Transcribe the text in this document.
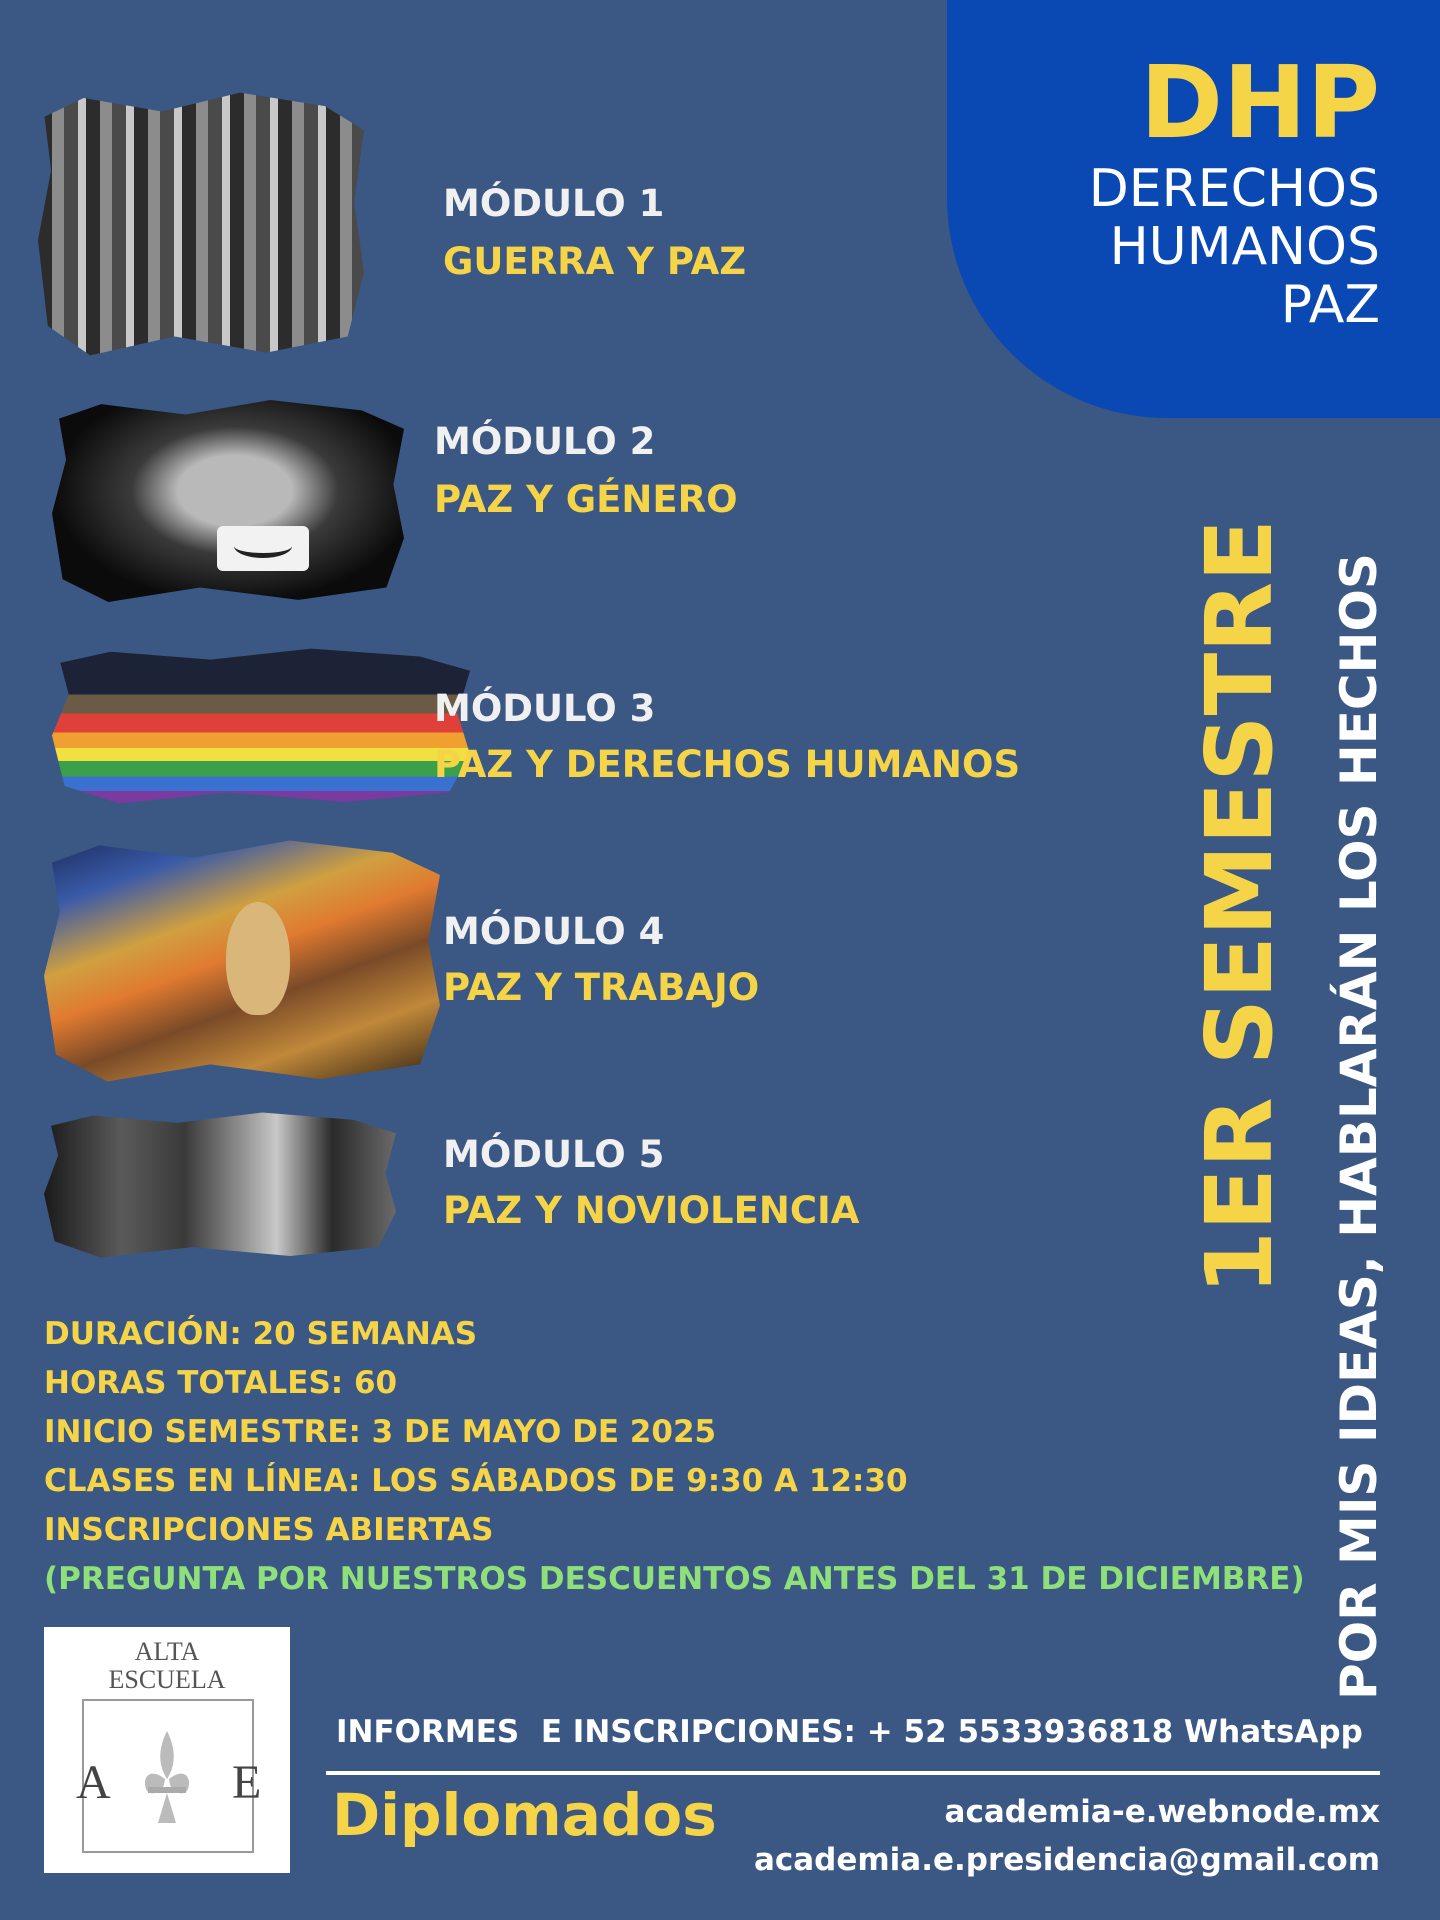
DHP
DERECHOS
HUMANOS
PAZ

MÓDULO 1

GUERRA Y PAZ

MÓDULO 2

PAZ Y GÉNERO

MÓDULO 3

PAZ Y DERECHOS HUMANOS

MÓDULO 4

PAZ Y TRABAJO

MÓDULO 5

PAZ Y NOVIOLENCIA

DURACIÓN: 20 SEMANAS
HORAS TOTALES: 60
INICIO SEMESTRE: 3 DE MAYO DE 2025
CLASES EN LÍNEA: LOS SÁBADOS DE 9:30 A 12:30
INSCRIPCIONES ABIERTAS
(PREGUNTA POR NUESTROS DESCUENTOS ANTES DEL 31 DE DICIEMBRE)

1ER SEMESTRE POR MIS IDEAS, HABLARÁN LOS HECHOS

ALTA
ESCUELA
A	E

INFORMES  E INSCRIPCIONES: + 52 5533936818 WhatsApp

Diplomados	academia-e.webnode.mx

academia.e.presidencia@gmail.com
